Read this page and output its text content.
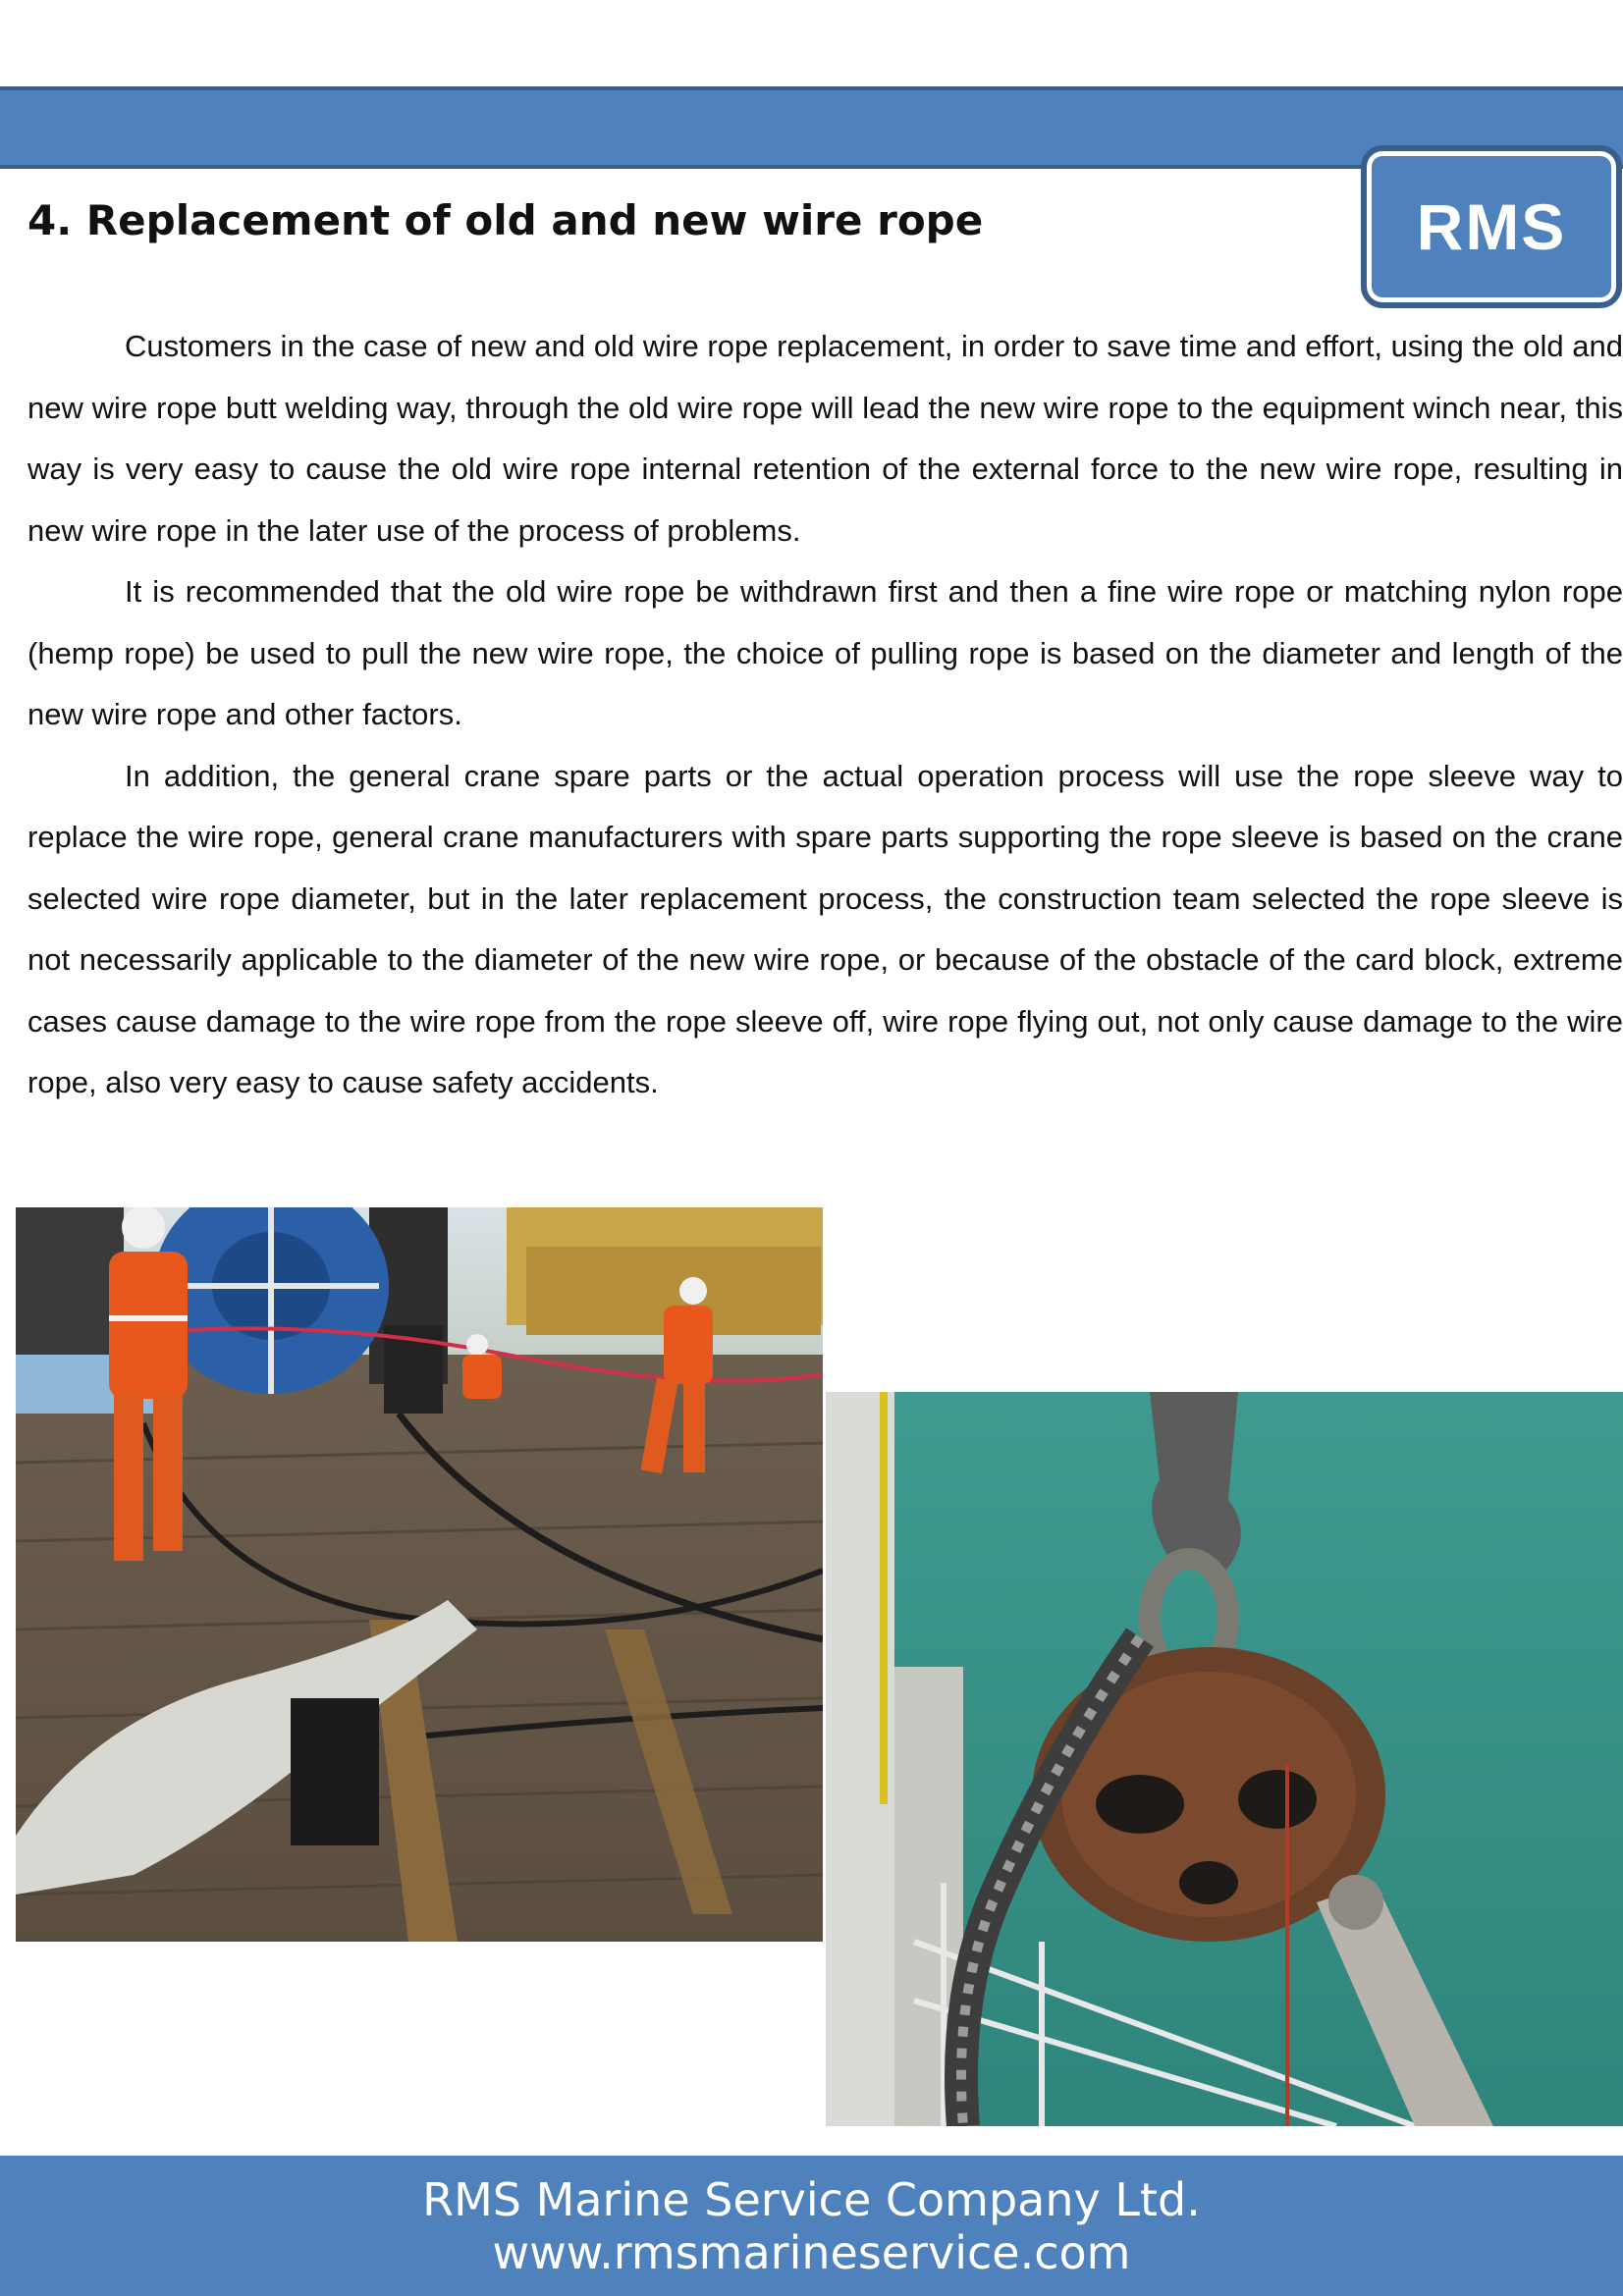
RMS
4. Replacement of old and new wire rope

Customers in the case of new and old wire rope replacement, in order to save time and effort, using the old and new wire rope butt welding way, through the old wire rope will lead the new wire rope to the equipment winch near, this way is very easy to cause the old wire rope internal retention of the external force to the new wire rope, resulting in new wire rope in the later use of the process of problems.

It is recommended that the old wire rope be withdrawn first and then a fine wire rope or matching nylon rope (hemp rope) be used to pull the new wire rope, the choice of pulling rope is based on the diameter and length of the new wire rope and other factors.

In addition, the general crane spare parts or the actual operation process will use the rope sleeve way to replace the wire rope, general crane manufacturers with spare parts supporting the rope sleeve is based on the crane selected wire rope diameter, but in the later replacement process, the construction team selected the rope sleeve is not necessarily applicable to the diameter of the new wire rope, or because of the obstacle of the card block, extreme cases cause damage to the wire rope from the rope sleeve off, wire rope flying out, not only cause damage to the wire rope, also very easy to cause safety accidents.

RMS Marine Service Company Ltd.
www.rmsmarineservice.com
